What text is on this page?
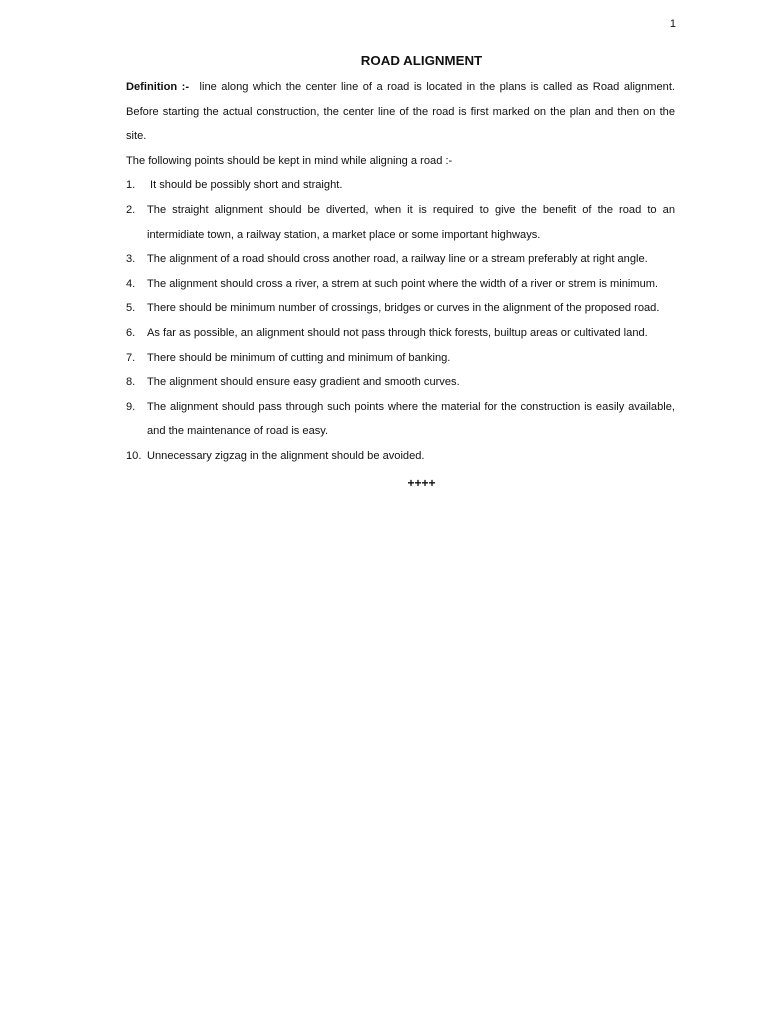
1
ROAD ALIGNMENT

Definition :- line along which the center line of a road is located in the plans is called as Road alignment. Before starting the actual construction, the center line of the road is first marked on the plan and then on the site.

The following points should be kept in mind while aligning a road :-

1. It should be possibly short and straight.
2. The straight alignment should be diverted, when it is required to give the benefit of the road to an intermidiate town, a railway station, a market place or some important highways.
3. The alignment of a road should cross another road, a railway line or a stream preferably at right angle.
4. The alignment should cross a river, a strem at such point where the width of a river or strem is minimum.
5. There should be minimum number of crossings, bridges or curves in the alignment of the proposed road.
6. As far as possible, an alignment should not pass through thick forests, builtup areas or cultivated land.
7. There should be minimum of cutting and minimum of banking.
8. The alignment should ensure easy gradient and smooth curves.
9. The alignment should pass through such points where the material for the construction is easily available, and the maintenance of road is easy.
10. Unnecessary zigzag in the alignment should be avoided.
++++
